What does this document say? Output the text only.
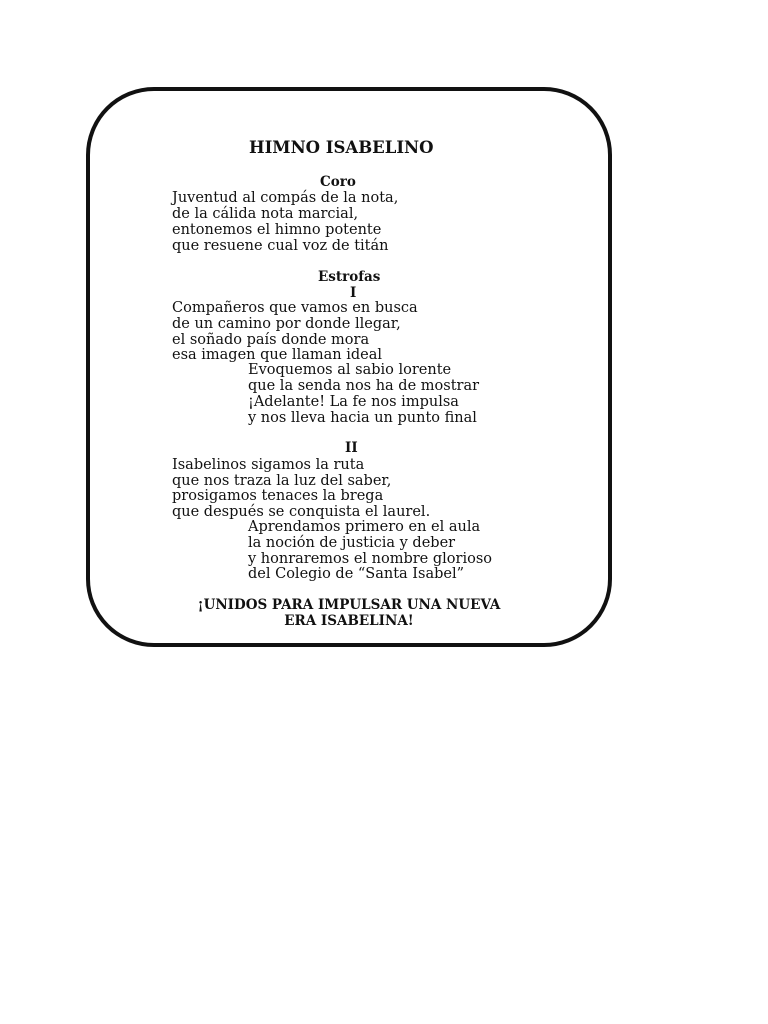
HIMNO ISABELINO
Coro
Juventud al compás de la nota,
de la cálida nota marcial,
entonemos el himno potente
que resuene cual voz de titán
Estrofas
I
Compañeros que vamos en busca
de un camino por donde llegar,
el soñado país donde mora
esa imagen que llaman ideal
Evoquemos al sabio lorente
que la senda nos ha de mostrar
¡Adelante! La fe nos impulsa
y nos lleva hacia un punto final
II
Isabelinos sigamos la ruta
que nos traza la luz del saber,
prosigamos tenaces la brega
que después se conquista el laurel.
Aprendamos primero en el aula
la noción de justicia y deber
y honraremos el nombre glorioso
del Colegio de “Santa Isabel”
¡UNIDOS PARA IMPULSAR UNA NUEVA
ERA ISABELINA!
